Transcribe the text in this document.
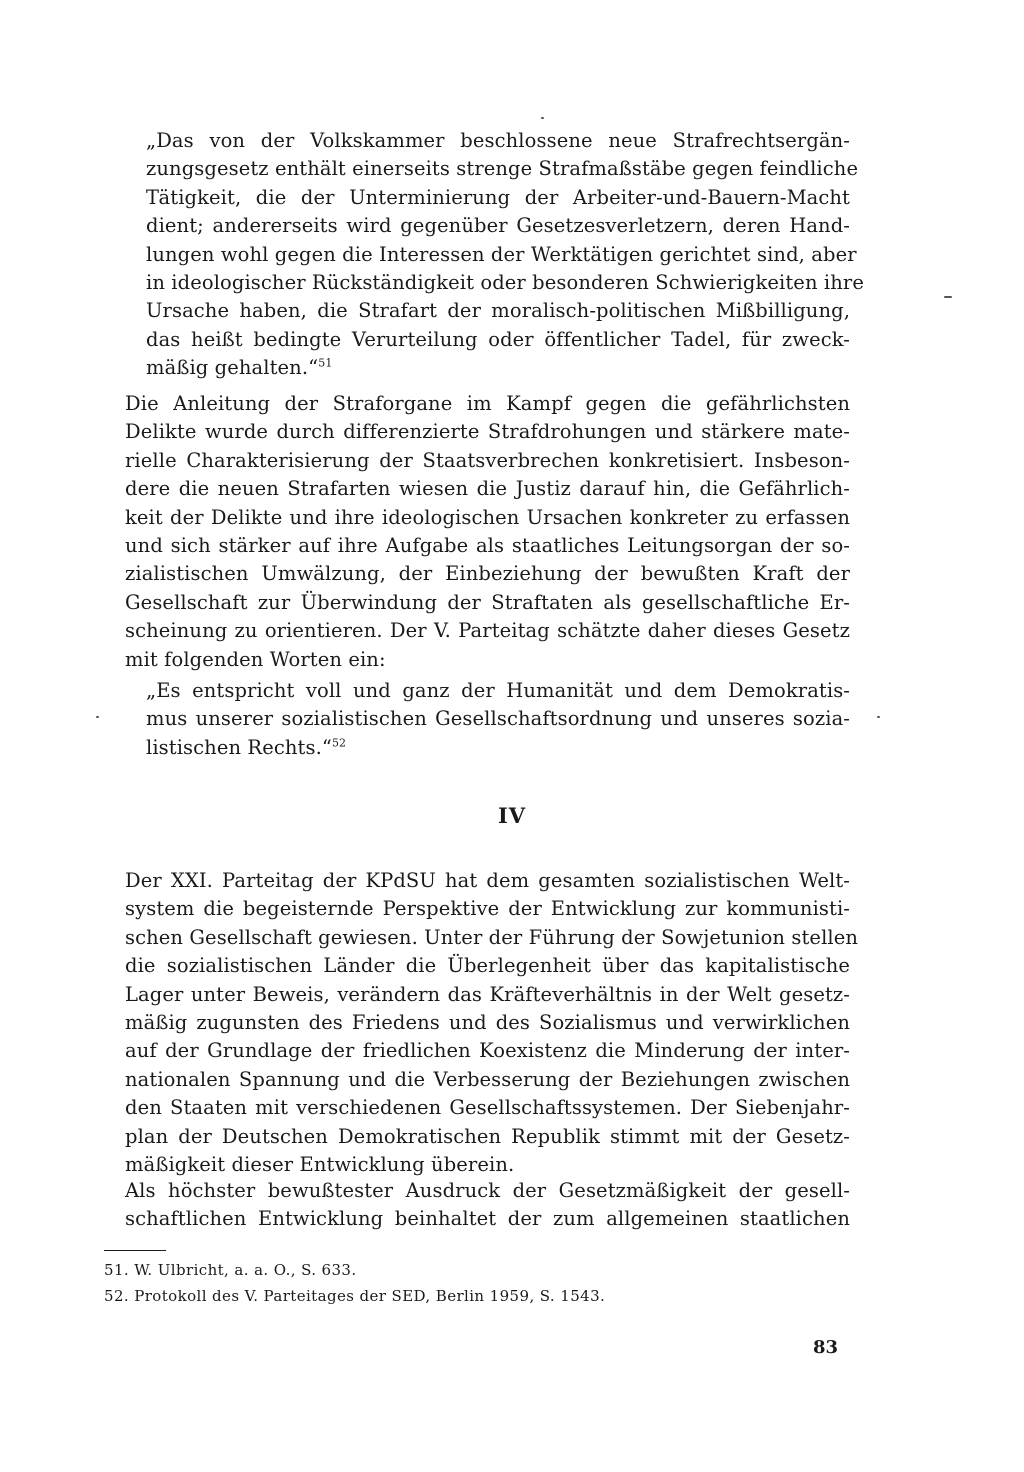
„Das von der Volkskammer beschlossene neue Strafrechtsergän-
zungsgesetz enthält einerseits strenge Strafmaßstäbe gegen feindliche
Tätigkeit, die der Unterminierung der Arbeiter-und-Bauern-Macht
dient; andererseits wird gegenüber Gesetzesverletzern, deren Hand-
lungen wohl gegen die Interessen der Werktätigen gerichtet sind, aber
in ideologischer Rückständigkeit oder besonderen Schwierigkeiten ihre
Ursache haben, die Strafart der moralisch-politischen Mißbilligung,
das heißt bedingte Verurteilung oder öffentlicher Tadel, für zweck-
mäßig gehalten.“$^{51}$
Die Anleitung der Straforgane im Kampf gegen die gefährlichsten
Delikte wurde durch differenzierte Strafdrohungen und stärkere mate-
rielle Charakterisierung der Staatsverbrechen konkretisiert. Insbeson-
dere die neuen Strafarten wiesen die Justiz darauf hin, die Gefährlich-
keit der Delikte und ihre ideologischen Ursachen konkreter zu erfassen
und sich stärker auf ihre Aufgabe als staatliches Leitungsorgan der so-
zialistischen Umwälzung, der Einbeziehung der bewußten Kraft der
Gesellschaft zur Überwindung der Straftaten als gesellschaftliche Er-
scheinung zu orientieren. Der V. Parteitag schätzte daher dieses Gesetz
mit folgenden Worten ein:
„Es entspricht voll und ganz der Humanität und dem Demokratis-
mus unserer sozialistischen Gesellschaftsordnung und unseres sozia-
listischen Rechts.“$^{52}$
IV
Der XXI. Parteitag der KPdSU hat dem gesamten sozialistischen Welt-
system die begeisternde Perspektive der Entwicklung zur kommunisti-
schen Gesellschaft gewiesen. Unter der Führung der Sowjetunion stellen
die sozialistischen Länder die Überlegenheit über das kapitalistische
Lager unter Beweis, verändern das Kräfteverhältnis in der Welt gesetz-
mäßig zugunsten des Friedens und des Sozialismus und verwirklichen
auf der Grundlage der friedlichen Koexistenz die Minderung der inter-
nationalen Spannung und die Verbesserung der Beziehungen zwischen
den Staaten mit verschiedenen Gesellschaftssystemen. Der Siebenjahr-
plan der Deutschen Demokratischen Republik stimmt mit der Gesetz-
mäßigkeit dieser Entwicklung überein.
Als höchster bewußtester Ausdruck der Gesetzmäßigkeit der gesell-
schaftlichen Entwicklung beinhaltet der zum allgemeinen staatlichen
51. W. Ulbricht, a. a. O., S. 633.
52. Protokoll des V. Parteitages der SED, Berlin 1959, S. 1543.
83
